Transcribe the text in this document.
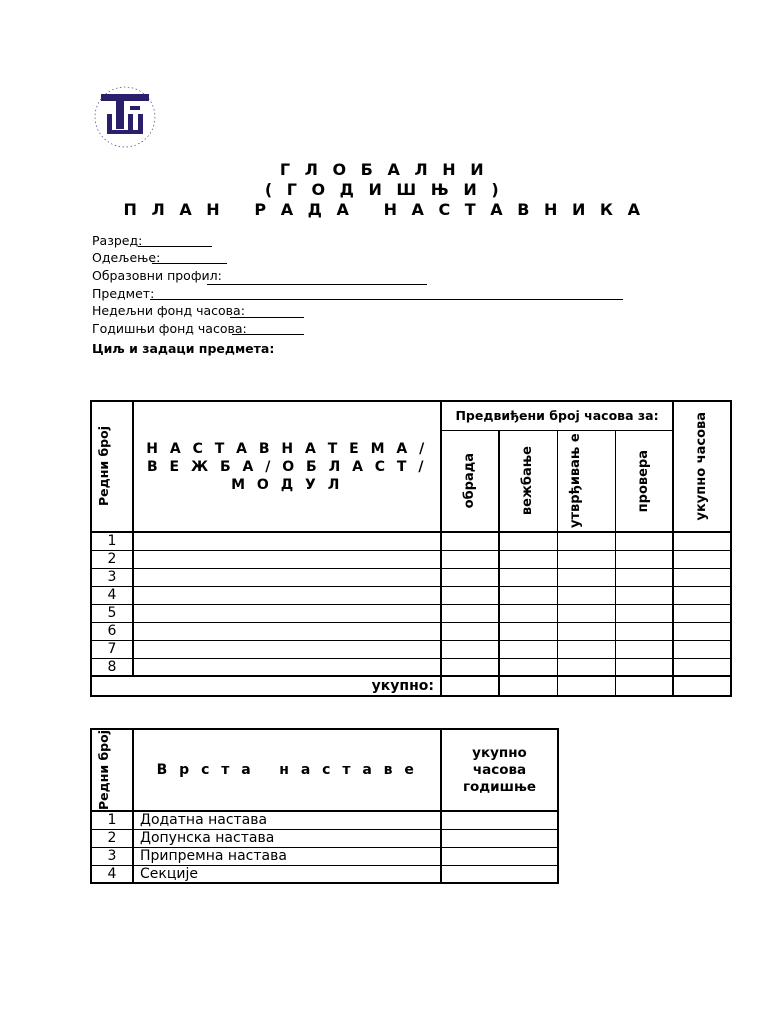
Г Л О Б А Л Н И
( Г О Д И Ш Њ И )
П Л А Н   Р А Д А   Н А С Т А В Н И К А
Разред:
Одељење:
Образовни профил:
Предмет:
Недељни фонд часова:
Годишњи фонд часова:
Циљ и задаци предмета:
Редни број	Н А С Т А В Н А Т Е М А / В Е Ж Б А / О Б Л А С Т / М О Д У Л	Предвиђени број часова за:				укупно часова

		обрада	вежбање	утврђивањ е	провера	

1						
2						
3						
4						
5						
6						
7						
8						
укупно:						
Редни број	В р с т а   н а с т а в е	укупно часова годишње
1	Додатна настава	
2	Допунска настава	
3	Припремна настава	
4	Секције	
